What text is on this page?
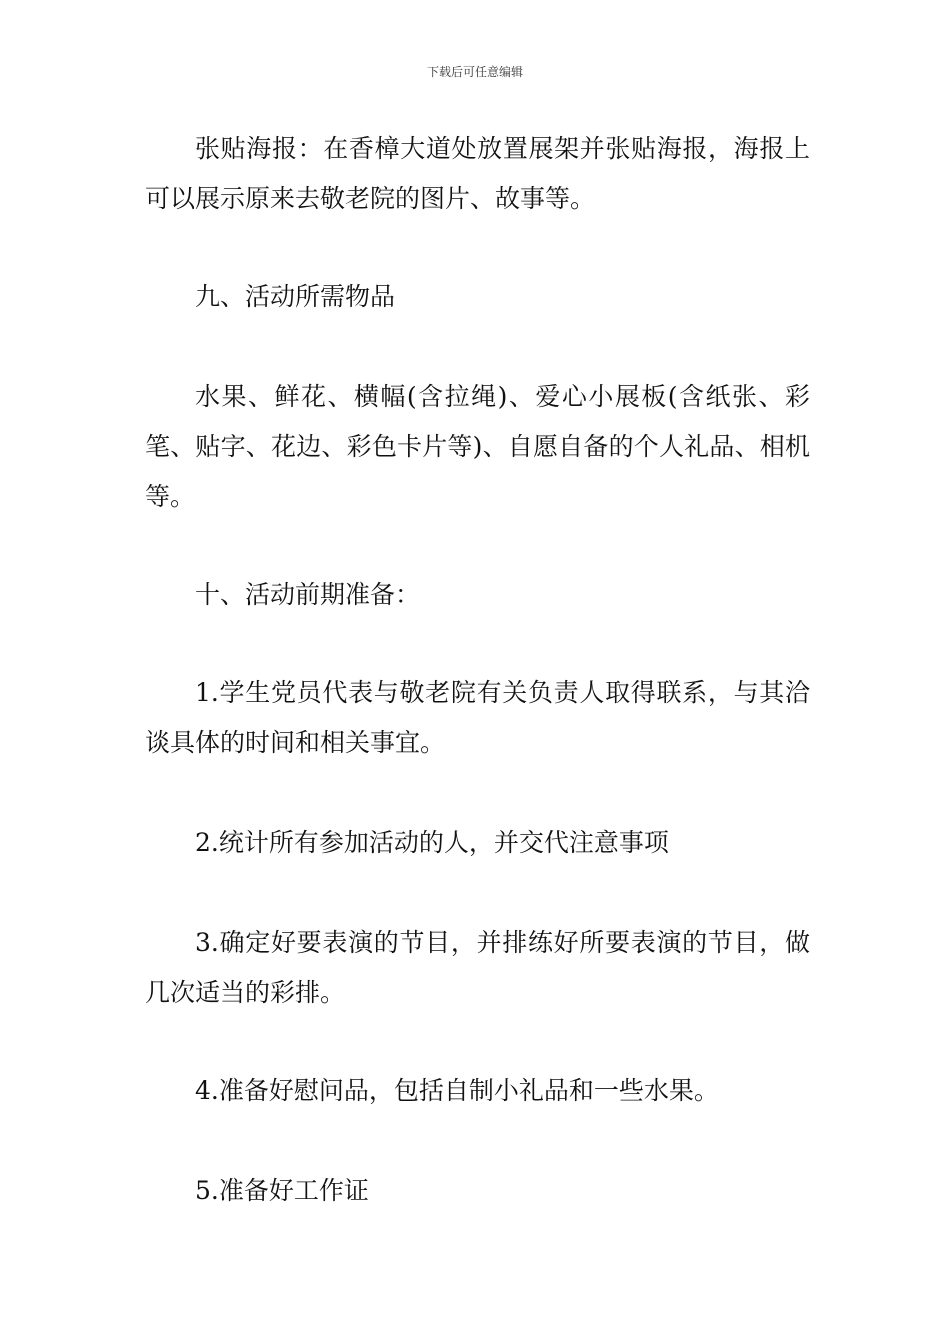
下载后可任意编辑

张贴海报：在香樟大道处放置展架并张贴海报，海报上可以展示原来去敬老院的图片、故事等。

九、活动所需物品

水果、鲜花、横幅(含拉绳)、爱心小展板(含纸张、彩笔、贴字、花边、彩色卡片等)、自愿自备的个人礼品、相机等。

十、活动前期准备：

1.学生党员代表与敬老院有关负责人取得联系，与其洽谈具体的时间和相关事宜。

2.统计所有参加活动的人，并交代注意事项

3.确定好要表演的节目，并排练好所要表演的节目，做几次适当的彩排。

4.准备好慰问品，包括自制小礼品和一些水果。

5.准备好工作证
